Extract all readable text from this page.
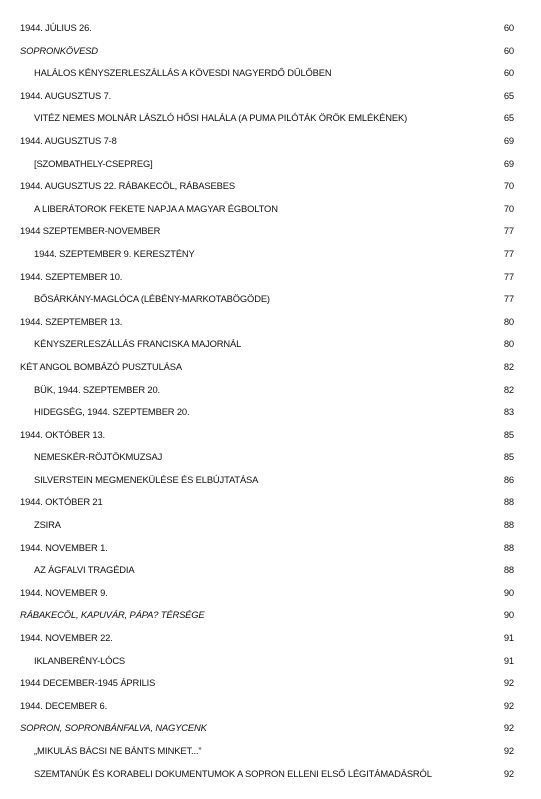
1944. JÚLIUS 26.	60
SOPRONKÖVESD	60
HALÁLOS KÉNYSZERLESZÁLLÁS A KÖVESDI NAGYERDŐ DŰLŐBEN	60
1944. AUGUSZTUS 7.	65
VITÉZ NEMES MOLNÁR LÁSZLÓ HŐSI HALÁLA (A PUMA PILÓTÁK ÖRÖK EMLÉKÉNEK)	65
1944. AUGUSZTUS 7-8	69
[SZOMBATHELY-CSEPREG]	69
1944. AUGUSZTUS 22. RÁBAKECÖL, RÁBASEBES	70
A LIBERÁTOROK FEKETE NAPJA A MAGYAR ÉGBOLTON	70
1944 SZEPTEMBER-NOVEMBER	77
1944. SZEPTEMBER 9. KERESZTÉNY	77
1944. SZEPTEMBER 10.	77
BŐSÁRKÁNY-MAGLÓCA (LÉBÉNY-MARKOTABÖGÖDE)	77
1944. SZEPTEMBER 13.	80
KÉNYSZERLESZÁLLÁS FRANCISKA MAJORNÁL	80
KÉT ANGOL BOMBÁZÓ PUSZTULÁSA	82
BÜK, 1944. SZEPTEMBER 20.	82
HIDEGSÉG, 1944. SZEPTEMBER 20.	83
1944. OKTÓBER 13.	85
NEMESKÉR-RÖJTÖKMUZSAJ	85
SILVERSTEIN MEGMENEKÜLÉSE ÉS ELBÚJTATÁSA	86
1944. OKTÓBER 21	88
ZSIRA	88
1944. NOVEMBER 1.	88
AZ ÁGFALVI TRAGÉDIA	88
1944. NOVEMBER 9.	90
RÁBAKECÖL, KAPUVÁR, PÁPA? TÉRSÉGE	90
1944. NOVEMBER 22.	91
IKLANBERÉNY-LÓCS	91
1944 DECEMBER-1945 ÁPRILIS	92
1944. DECEMBER 6.	92
SOPRON, SOPRONBÁNFALVA, NAGYCENK	92
„MIKULÁS BÁCSI NE BÁNTS MINKET...”	92
SZEMTANÚK ÉS KORABELI DOKUMENTUMOK A SOPRON ELLENI ELSŐ LÉGITÁMADÁSRÓL	92
